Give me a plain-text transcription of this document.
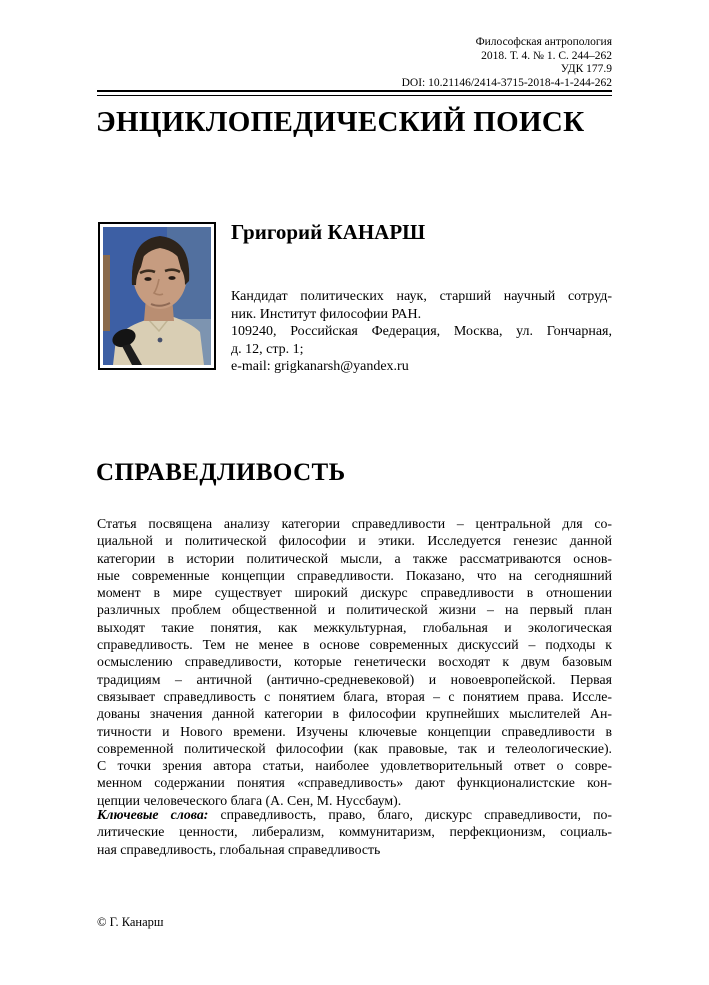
Философская антропология
2018. Т. 4. № 1. С. 244–262
УДК 177.9
DOI: 10.21146/2414-3715-2018-4-1-244-262
ЭНЦИКЛОПЕДИЧЕСКИЙ ПОИСК
Григорий КАНАРШ
Кандидат политических наук, старший научный сотруд-
ник. Институт философии РАН.
109240, Российская Федерация, Москва, ул. Гончарная,
д. 12, стр. 1;
e-mail: grigkanarsh@yandex.ru
СПРАВЕДЛИВОСТЬ
Статья посвящена анализу категории справедливости – центральной для со-
циальной и политической философии и этики. Исследуется генезис данной
категории в истории политической мысли, а также рассматриваются основ-
ные современные концепции справедливости. Показано, что на сегодняшний
момент в мире существует широкий дискурс справедливости в отношении
различных проблем общественной и политической жизни – на первый план
выходят такие понятия, как межкультурная, глобальная и экологическая
справедливость. Тем не менее в основе современных дискуссий – подходы к
осмыслению справедливости, которые генетически восходят к двум базовым
традициям – античной (антично-средневековой) и новоевропейской. Первая
связывает справедливость с понятием блага, вторая – с понятием права. Иссле-
дованы значения данной категории в философии крупнейших мыслителей Ан-
тичности и Нового времени. Изучены ключевые концепции справедливости в
современной политической философии (как правовые, так и телеологические).
С точки зрения автора статьи, наиболее удовлетворительный ответ о совре-
менном содержании понятия «справедливость» дают функционалистские кон-
цепции человеческого блага (А. Сен, М. Нуссбаум).
Ключевые слова: справедливость, право, благо, дискурс справедливости, по-
литические ценности, либерализм, коммунитаризм, перфекционизм, социаль-
ная справедливость, глобальная справедливость
© Г. Канарш
